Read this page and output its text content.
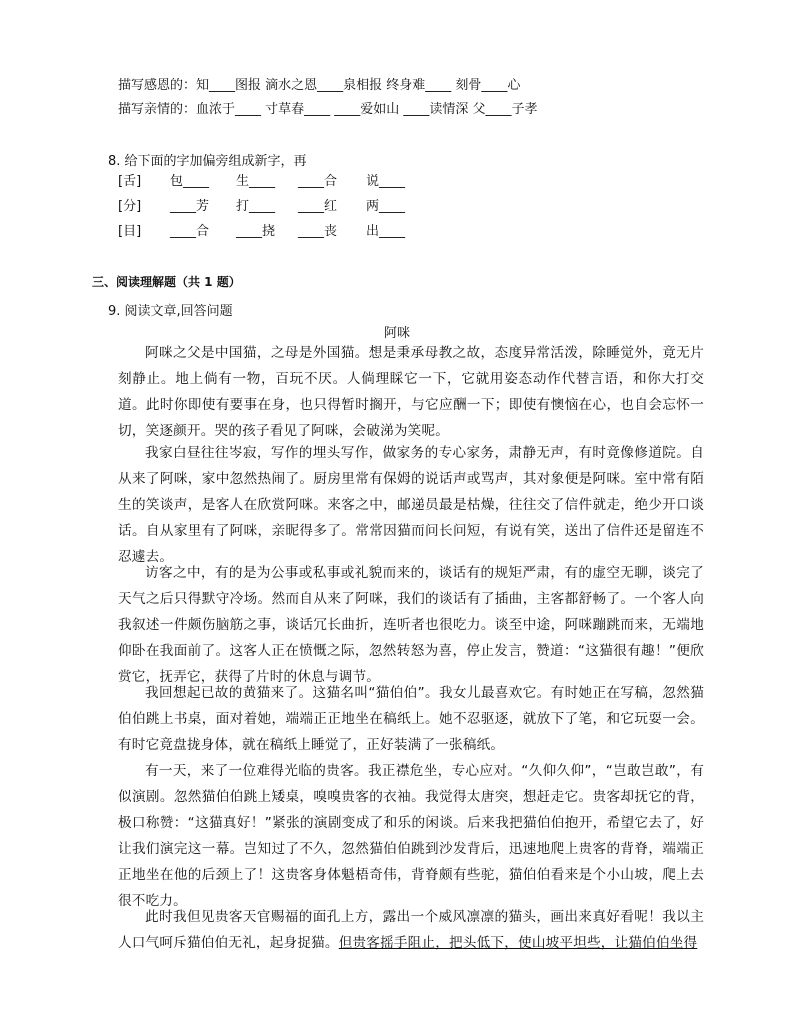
描写感恩的：知____图报 滴水之恩____泉相报 终身难____ 刻骨____心
描写亲情的：血浓于____ 寸草春____ ____爱如山 ____读情深 父____子孝
8. 给下面的字加偏旁组成新字，再
[舌] 包____ 生____ ____合 说____
[分] ____芳 打____ ____红 两____
[目] ____合 ____挠 ____丧 出____
三、阅读理解题（共 1 题）
9. 阅读文章,回答问题
阿咪

阿咪之父是中国猫，之母是外国猫。想是秉承母教之故，态度异常活泼，除睡觉外，竟无片刻静止。地上倘有一物，百玩不厌。人倘理睬它一下，它就用姿态动作代替言语，和你大打交道。此时你即使有要事在身，也只得暂时搁开，与它应酬一下；即使有懊恼在心，也自会忘怀一切，笑逐颜开。哭的孩子看见了阿咪，会破涕为笑呢。

我家白昼往往岑寂，写作的埋头写作，做家务的专心家务，肃静无声，有时竟像修道院。自从来了阿咪，家中忽然热闹了。厨房里常有保姆的说话声或骂声，其对象便是阿咪。室中常有陌生的笑谈声，是客人在欣赏阿咪。来客之中，邮递员最是枯燥，往往交了信件就走，绝少开口谈话。自从家里有了阿咪，亲昵得多了。常常因猫而问长问短，有说有笑，送出了信件还是留连不忍遽去。

访客之中，有的是为公事或私事或礼貌而来的，谈话有的规矩严肃，有的虚空无聊，谈完了天气之后只得默守冷场。然而自从来了阿咪，我们的谈话有了插曲，主客都舒畅了。一个客人向我叙述一件颇伤脑筋之事，谈话冗长曲折，连听者也很吃力。谈至中途，阿咪蹦跳而来，无端地仰卧在我面前了。这客人正在愤慨之际，忽然转怒为喜，停止发言，赞道：“这猫很有趣！”便欣赏它，抚弄它，获得了片时的休息与调节。

我回想起已故的黄猫来了。这猫名叫“猫伯伯”。我女儿最喜欢它。有时她正在写稿，忽然猫伯伯跳上书桌，面对着她，端端正正地坐在稿纸上。她不忍驱逐，就放下了笔，和它玩耍一会。有时它竟盘拢身体，就在稿纸上睡觉了，正好装满了一张稿纸。

有一天，来了一位难得光临的贵客。我正襟危坐，专心应对。“久仰久仰”，“岂敢岂敢”，有似演剧。忽然猫伯伯跳上矮桌，嗅嗅贵客的衣袖。我觉得太唐突，想赶走它。贵客却抚它的背，极口称赞：“这猫真好！”紧张的演剧变成了和乐的闲谈。后来我把猫伯伯抱开，希望它去了，好让我们演完这一幕。岂知过了不久，忽然猫伯伯跳到沙发背后，迅速地爬上贵客的背脊，端端正正地坐在他的后颈上了！这贵客身体魁梧奇伟，背脊颇有些驼，猫伯伯看来是个小山坡，爬上去很不吃力。

此时我但见贵客天官赐福的面孔上方，露出一个威风凛凛的猫头，画出来真好看呢！我以主人口气呵斥猫伯伯无礼，起身捉猫。但贵客摇手阻止，把头低下，使山坡平坦些，让猫伯伯坐得
